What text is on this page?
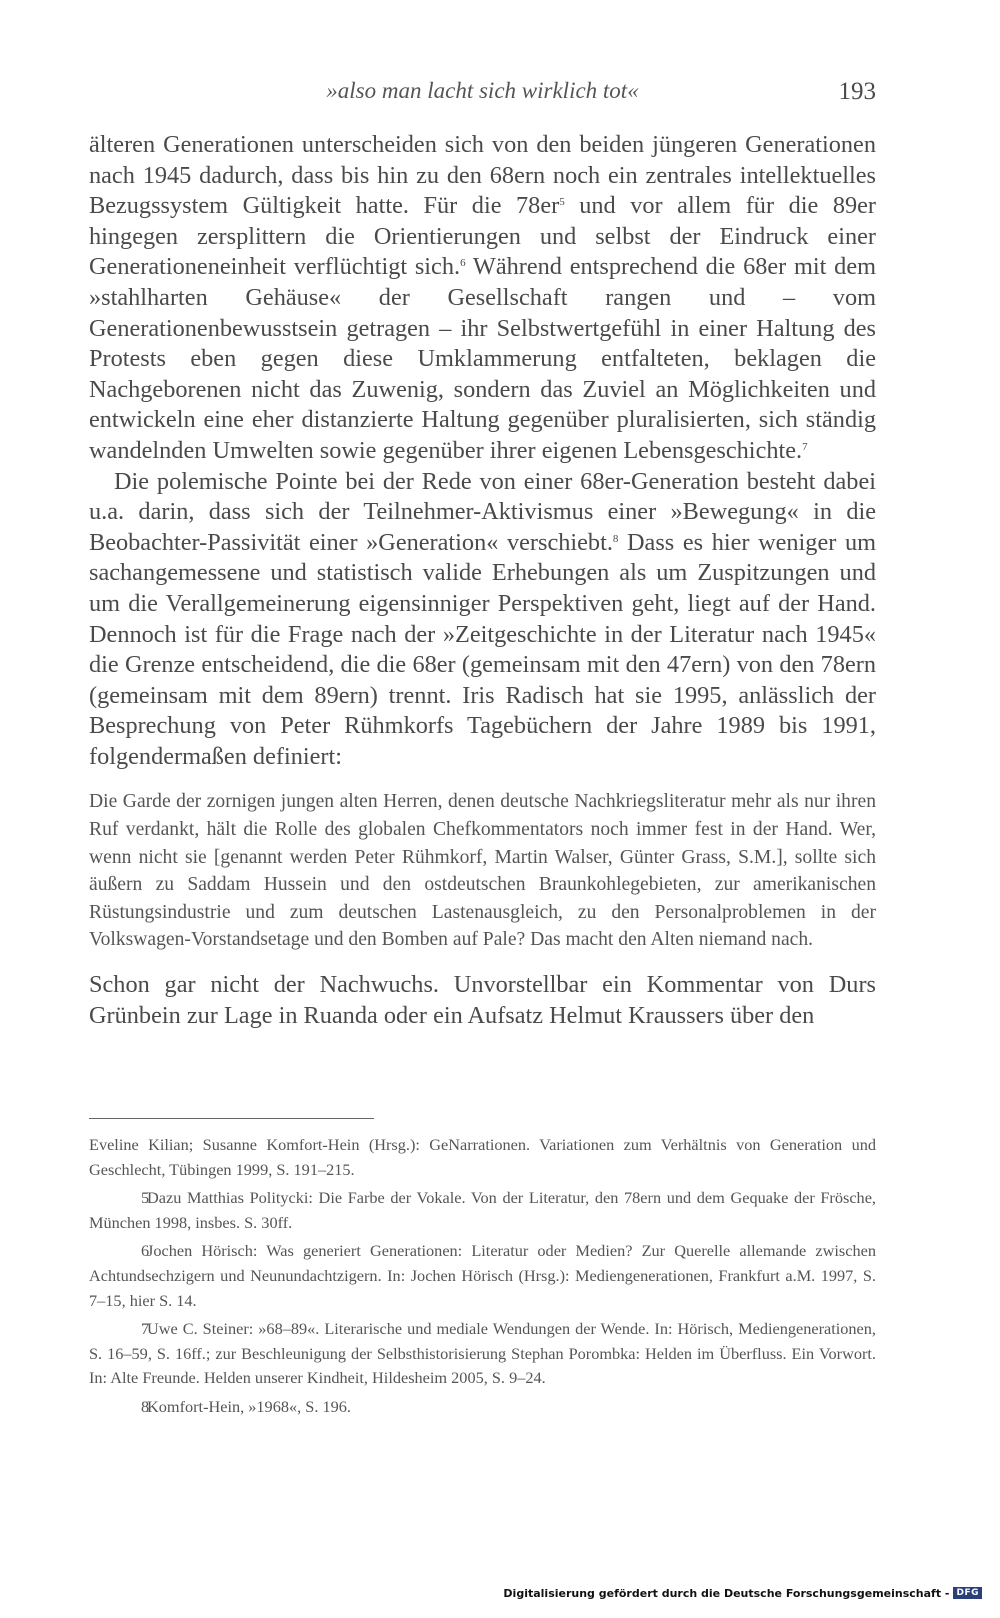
»also man lacht sich wirklich tot«	193

älteren Generationen unterscheiden sich von den beiden jüngeren Generationen nach 1945 dadurch, dass bis hin zu den 68ern noch ein zentrales intellektuelles Bezugssystem Gültigkeit hatte. Für die $78er^5$ und vor allem für die 89er hingegen zersplittern die Orientierungen und selbst der Eindruck einer Generationeneinheit verflüchtigt sich.$^6$ Während entsprechend die 68er mit dem »stahlharten Gehäuse« der Gesellschaft rangen und – vom Generationenbewusstsein getragen – ihr Selbstwertgefühl in einer Haltung des Protests eben gegen diese Umklammerung entfalteten, beklagen die Nachgeborenen nicht das Zuwenig, sondern das Zuviel an Möglichkeiten und entwickeln eine eher distanzierte Haltung gegenüber pluralisierten, sich ständig wandelnden Umwelten sowie gegenüber ihrer eigenen Lebensgeschichte.$^7$

Die polemische Pointe bei der Rede von einer 68er-Generation besteht dabei u.a. darin, dass sich der Teilnehmer-Aktivismus einer »Bewegung« in die Beobachter-Passivität einer »Generation« verschiebt.$^8$ Dass es hier weniger um sachangemessene und statistisch valide Erhebungen als um Zuspitzungen und um die Verallgemeinerung eigensinniger Perspektiven geht, liegt auf der Hand. Dennoch ist für die Frage nach der »Zeitgeschichte in der Literatur nach 1945« die Grenze entscheidend, die die 68er (gemeinsam mit den 47ern) von den 78ern (gemeinsam mit dem 89ern) trennt. Iris Radisch hat sie 1995, anlässlich der Besprechung von Peter Rühmkorfs Tagebüchern der Jahre 1989 bis 1991, folgendermaßen definiert:

Die Garde der zornigen jungen alten Herren, denen deutsche Nachkriegsliteratur mehr als nur ihren Ruf verdankt, hält die Rolle des globalen Chefkommentators noch immer fest in der Hand. Wer, wenn nicht sie [genannt werden Peter Rühmkorf, Martin Walser, Günter Grass, S.M.], sollte sich äußern zu Saddam Hussein und den ostdeutschen Braunkohlegebieten, zur amerikanischen Rüstungsindustrie und zum deutschen Lastenausgleich, zu den Personalproblemen in der Volkswagen-Vorstandsetage und den Bomben auf Pale? Das macht den Alten niemand nach.

Schon gar nicht der Nachwuchs. Unvorstellbar ein Kommentar von Durs Grünbein zur Lage in Ruanda oder ein Aufsatz Helmut Kraussers über den

Eveline Kilian; Susanne Komfort-Hein (Hrsg.): GeNarrationen. Variationen zum Verhältnis von Generation und Geschlecht, Tübingen 1999, S. 191–215.

5Dazu Matthias Politycki: Die Farbe der Vokale. Von der Literatur, den 78ern und dem Gequake der Frösche, München 1998, insbes. S. 30ff.

6Jochen Hörisch: Was generiert Generationen: Literatur oder Medien? Zur Querelle allemande zwischen Achtundsechzigern und Neunundachtzigern. In: Jochen Hörisch (Hrsg.): Mediengenerationen, Frankfurt a.M. 1997, S. 7–15, hier S. 14.

7Uwe C. Steiner: »68–89«. Literarische und mediale Wendungen der Wende. In: Hörisch, Mediengenerationen, S. 16–59, S. 16ff.; zur Beschleunigung der Selbsthistorisierung Stephan Porombka: Helden im Überfluss. Ein Vorwort. In: Alte Freunde. Helden unserer Kindheit, Hildesheim 2005, S. 9–24.

8Komfort-Hein, »1968«, S. 196.

Digitalisierung gefördert durch die Deutsche Forschungsgemeinschaft - DFG
